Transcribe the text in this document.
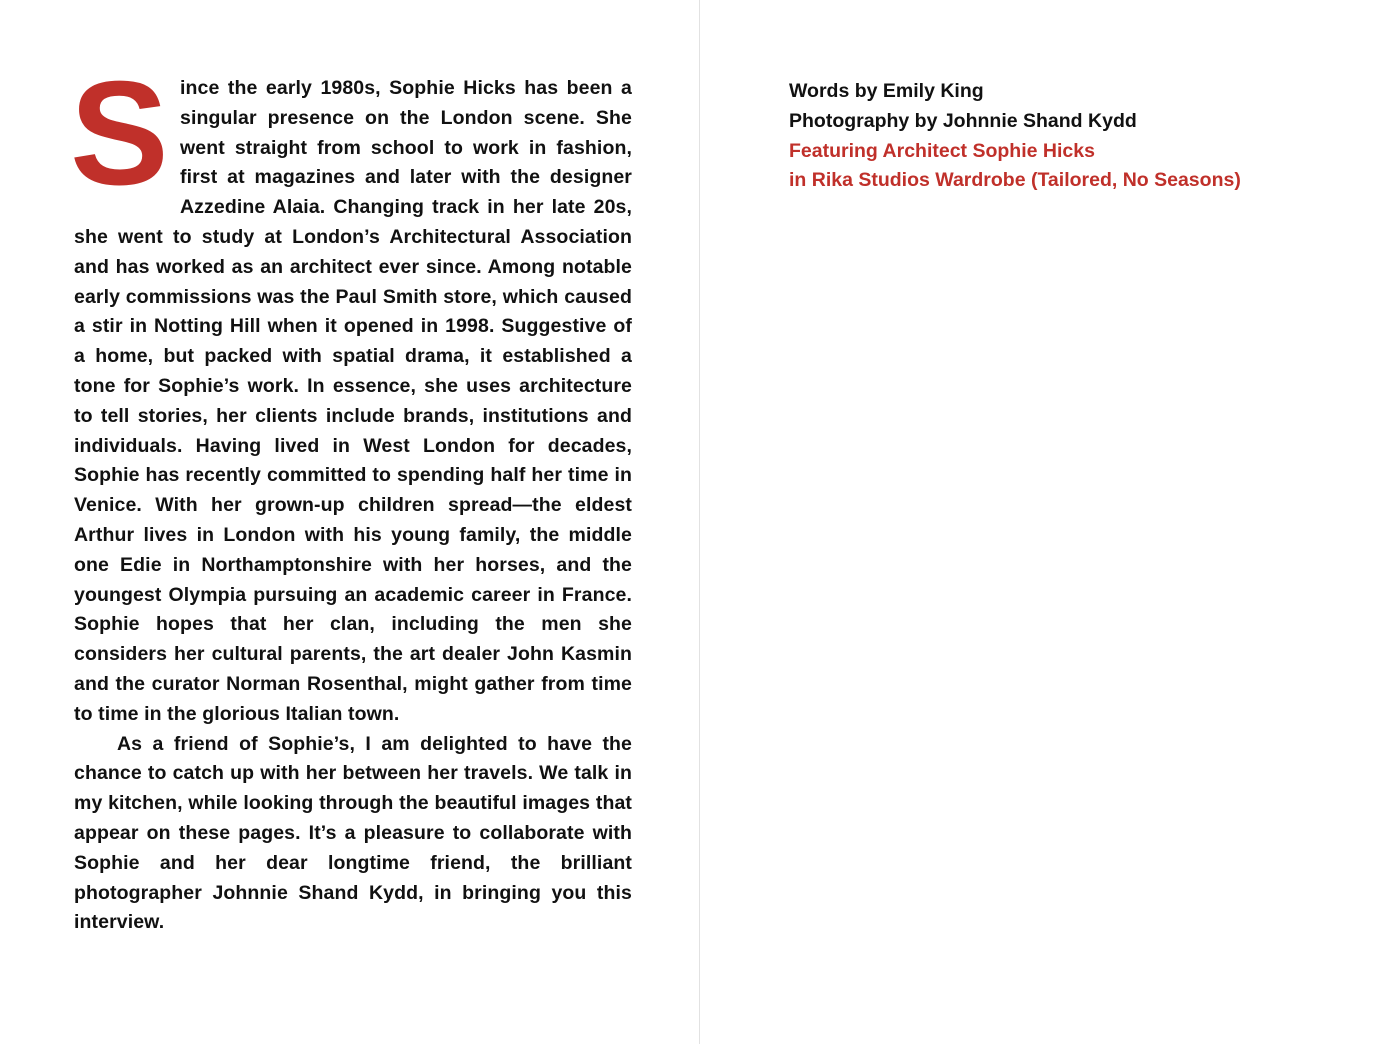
Since the early 1980s, Sophie Hicks has been a singular presence on the London scene. She went straight from school to work in fashion, first at magazines and later with the designer Azzedine Alaia. Changing track in her late 20s, she went to study at London’s Architectural Association and has worked as an architect ever since. Among notable early commissions was the Paul Smith store, which caused a stir in Notting Hill when it opened in 1998. Suggestive of a home, but packed with spatial drama, it established a tone for Sophie’s work. In essence, she uses architecture to tell stories, her clients include brands, institutions and individuals. Having lived in West London for decades, Sophie has recently committed to spending half her time in Venice. With her grown-up children spread—the eldest Arthur lives in London with his young family, the middle one Edie in Northamptonshire with her horses, and the youngest Olympia pursuing an academic career in France. Sophie hopes that her clan, including the men she considers her cultural parents, the art dealer John Kasmin and the curator Norman Rosenthal, might gather from time to time in the glorious Italian town.

As a friend of Sophie’s, I am delighted to have the chance to catch up with her between her travels. We talk in my kitchen, while looking through the beautiful images that appear on these pages. It’s a pleasure to collaborate with Sophie and her dear longtime friend, the brilliant photographer Johnnie Shand Kydd, in bringing you this interview.

Words by Emily King
Photography by Johnnie Shand Kydd
Featuring Architect Sophie Hicks
in Rika Studios Wardrobe (Tailored, No Seasons)
